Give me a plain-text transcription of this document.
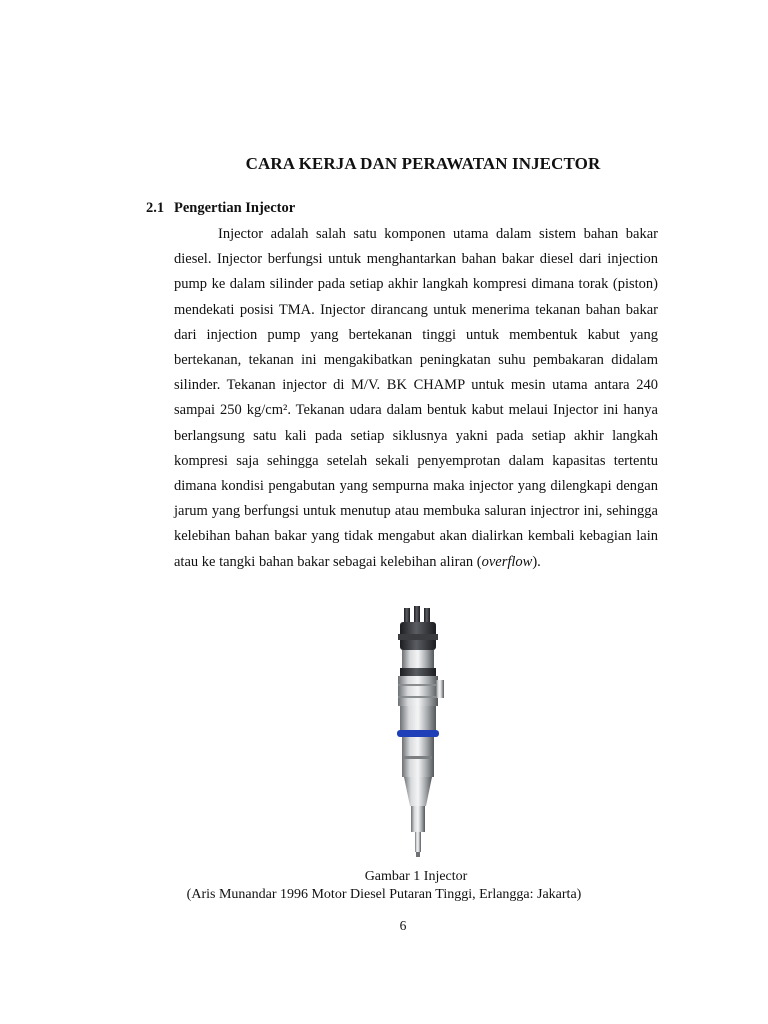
CARA KERJA DAN PERAWATAN INJECTOR
2.1 Pengertian Injector

Injector adalah salah satu komponen utama dalam sistem bahan bakar diesel. Injector berfungsi untuk menghantarkan bahan bakar diesel dari injection pump ke dalam silinder pada setiap akhir langkah kompresi dimana torak (piston) mendekati posisi TMA. Injector dirancang untuk menerima tekanan bahan bakar dari injection pump yang bertekanan tinggi untuk membentuk kabut yang bertekanan, tekanan ini mengakibatkan peningkatan suhu pembakaran didalam silinder. Tekanan injector di M/V. BK CHAMP untuk mesin utama antara 240 sampai 250 kg/cm². Tekanan udara dalam bentuk kabut melaui Injector ini hanya berlangsung satu kali pada setiap siklusnya yakni pada setiap akhir langkah kompresi saja sehingga setelah sekali penyemprotan dalam kapasitas tertentu dimana kondisi pengabutan yang sempurna maka injector yang dilengkapi dengan jarum yang berfungsi untuk menutup atau membuka saluran injectror ini, sehingga kelebihan bahan bakar yang tidak mengabut akan dialirkan kembali kebagian lain atau ke tangki bahan bakar sebagai kelebihan aliran (overflow).

Gambar 1 Injector
(Aris Munandar 1996 Motor Diesel Putaran Tinggi, Erlangga: Jakarta)
6
